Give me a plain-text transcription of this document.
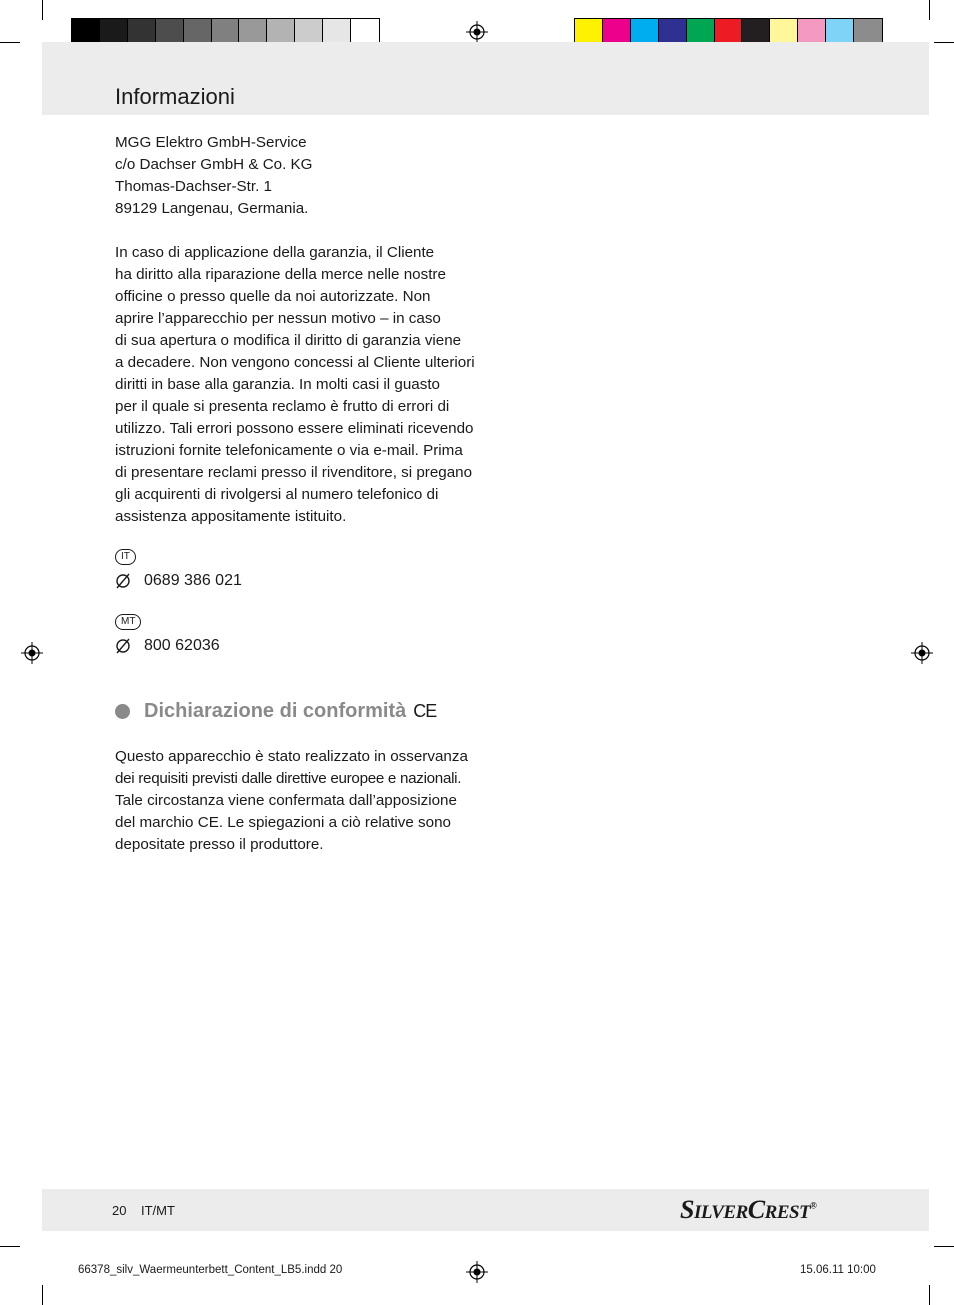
Informazioni
MGG Elektro GmbH-Service
c/o Dachser GmbH & Co. KG
Thomas-Dachser-Str. 1
89129 Langenau, Germania.
In caso di applicazione della garanzia, il Cliente
ha diritto alla riparazione della merce nelle nostre
officine o presso quelle da noi autorizzate. Non
aprire l’apparecchio per nessun motivo – in caso
di sua apertura o modifica il diritto di garanzia viene
a decadere. Non vengono concessi al Cliente ulteriori
diritti in base alla garanzia. In molti casi il guasto
per il quale si presenta reclamo è frutto di errori di
utilizzo. Tali errori possono essere eliminati ricevendo
istruzioni fornite telefonicamente o via e-mail. Prima
di presentare reclami presso il rivenditore, si pregano
gli acquirenti di rivolgersi al numero telefonico di
assistenza appositamente istituito.
IT
0689 386 021
MT
800 62036
Dichiarazione di conformità CE
Questo apparecchio è stato realizzato in osservanza
dei requisiti previsti dalle direttive europee e nazionali.
Tale circostanza viene confermata dall’apposizione
del marchio CE. Le spiegazioni a ciò relative sono
depositate presso il produttore.
20 IT/MT	SILVERCREST®
66378_silv_Waermeunterbett_Content_LB5.indd 20	15.06.11 10:00
